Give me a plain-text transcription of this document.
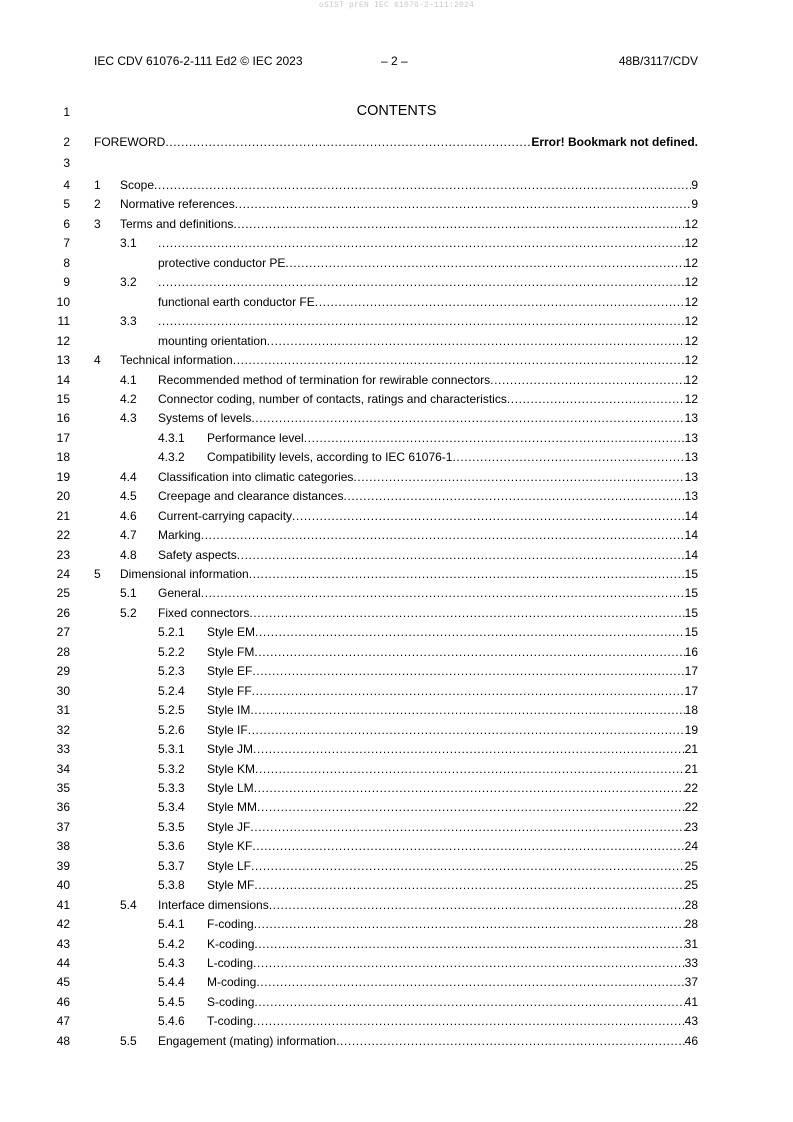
oSIST prEN IEC 61076-2-111:2024
IEC CDV 61076-2-111 Ed2 © IEC 2023	– 2 –	48B/3117/CDV
1	CONTENTS
2 FOREWORD .....	Error! Bookmark not defined.
3
4 1 Scope .....	9
5 2 Normative references .....	9
6 3 Terms and definitions .....	12
7	3.1 .....	12
8	protective conductor PE .....	12
9	3.2 .....	12
10	functional earth conductor FE .....	12
11	3.3 .....	12
12	mounting orientation .....	12
13 4 Technical information .....	12
14	4.1 Recommended method of termination for rewirable connectors .....	12
15	4.2 Connector coding, number of contacts, ratings and characteristics .....	12
16	4.3 Systems of levels .....	13
17	4.3.1 Performance level .....	13
18	4.3.2 Compatibility levels, according to IEC 61076-1 .....	13
19	4.4 Classification into climatic categories .....	13
20	4.5 Creepage and clearance distances .....	13
21	4.6 Current-carrying capacity .....	14
22	4.7 Marking .....	14
23	4.8 Safety aspects .....	14
24 5 Dimensional information .....	15
25	5.1 General .....	15
26	5.2 Fixed connectors .....	15
27	5.2.1 Style EM .....	15
28	5.2.2 Style FM .....	16
29	5.2.3 Style EF .....	17
30	5.2.4 Style FF .....	17
31	5.2.5 Style IM .....	18
32	5.2.6 Style IF .....	19
33	5.3.1 Style JM .....	21
34	5.3.2 Style KM .....	21
35	5.3.3 Style LM .....	22
36	5.3.4 Style MM .....	22
37	5.3.5 Style JF .....	23
38	5.3.6 Style KF .....	24
39	5.3.7 Style LF .....	25
40	5.3.8 Style MF .....	25
41	5.4 Interface dimensions .....	28
42	5.4.1 F-coding .....	28
43	5.4.2 K-coding .....	31
44	5.4.3 L-coding .....	33
45	5.4.4 M-coding .....	37
46	5.4.5 S-coding .....	41
47	5.4.6 T-coding .....	43
48	5.5 Engagement (mating) information .....	46
